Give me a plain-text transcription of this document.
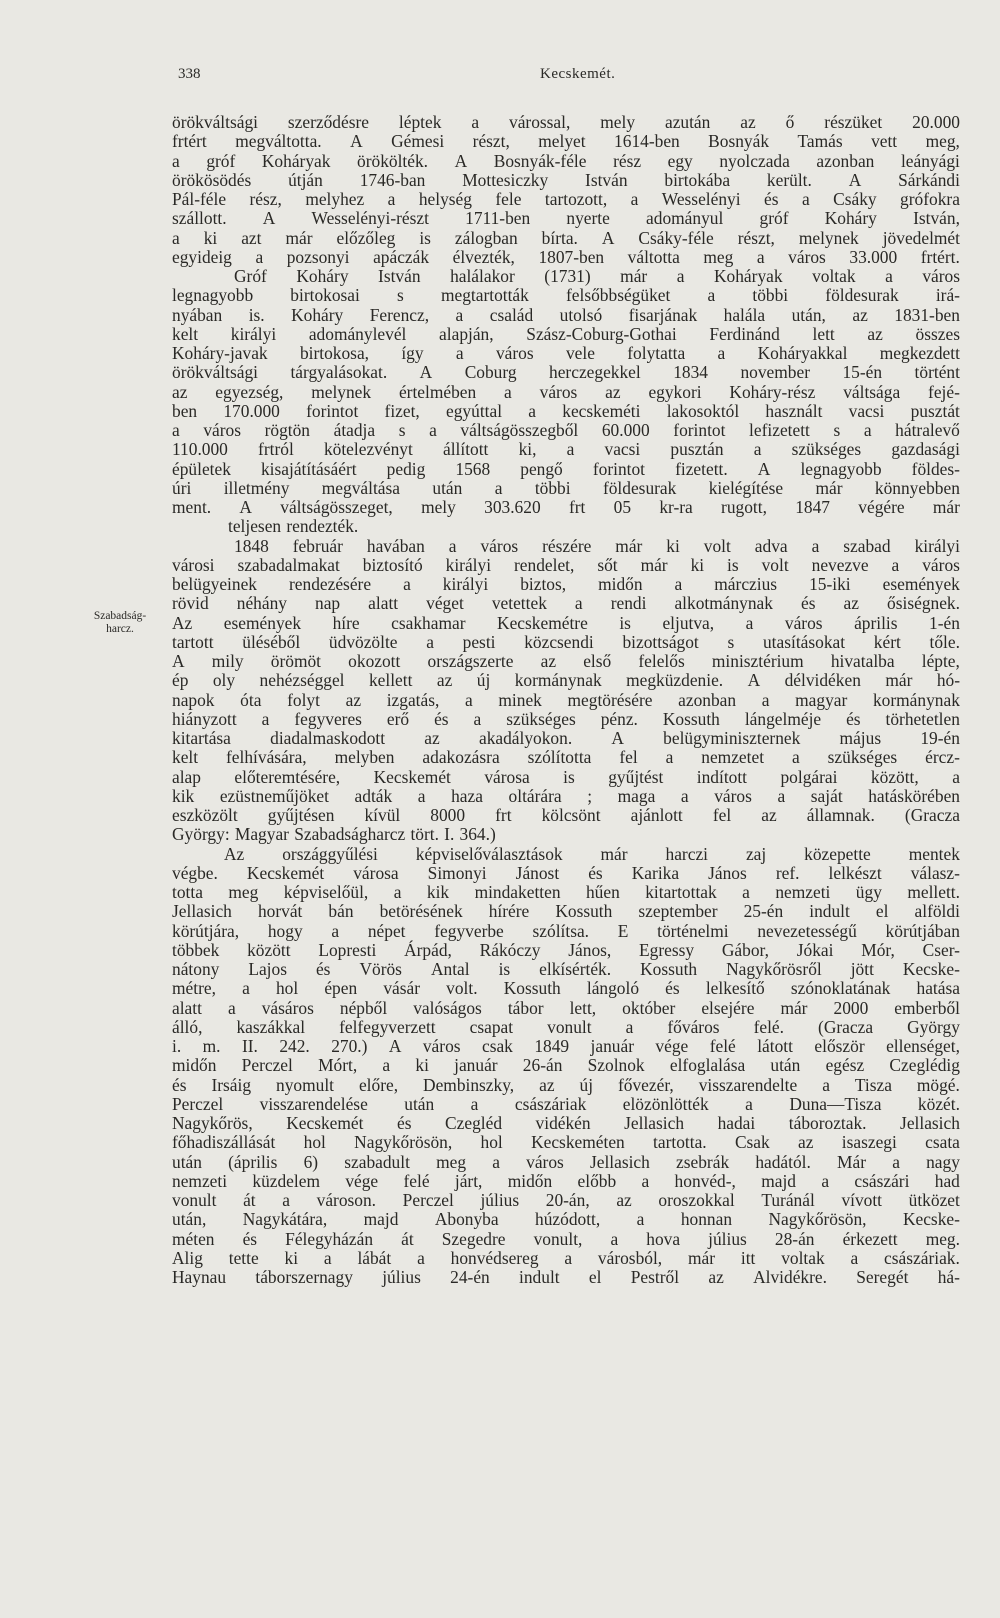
338	Kecskemét.
Szabadság-
harcz.
örökváltsági szerződésre léptek a várossal, mely azután az ő részüket 20.000
frtért megváltotta. A Gémesi részt, melyet 1614-ben Bosnyák Tamás vett meg,
a gróf Koháryak örökölték. A Bosnyák-féle rész egy nyolczada azonban leányági
örökösödés útján 1746-ban Mottesiczky István birtokába került. A Sárkándi
Pál-féle rész, melyhez a helység fele tartozott, a Wesselényi és a Csáky grófokra
szállott. A Wesselényi-részt 1711-ben nyerte adományul gróf Koháry István,
a ki azt már előzőleg is zálogban bírta. A Csáky-féle részt, melynek jövedelmét
egyideig a pozsonyi apáczák élvezték, 1807-ben váltotta meg a város 33.000 frtért.
Gróf Koháry István halálakor (1731) már a Koháryak voltak a város
legnagyobb birtokosai s megtartották felsőbbségüket a többi földesurak irá-
nyában is. Koháry Ferencz, a család utolsó fisarjának halála után, az 1831-ben
kelt királyi adománylevél alapján, Szász-Coburg-Gothai Ferdinánd lett az összes
Koháry-javak birtokosa, így a város vele folytatta a Koháryakkal megkezdett
örökváltsági tárgyalásokat. A Coburg herczegekkel 1834 november 15-én történt
az egyezség, melynek értelmében a város az egykori Koháry-rész váltsága fejé-
ben 170.000 forintot fizet, egyúttal a kecskeméti lakosoktól használt vacsi pusztát
a város rögtön átadja s a váltságösszegből 60.000 forintot lefizetett s a hátralevő
110.000 frtról kötelezvényt állított ki, a vacsi pusztán a szükséges gazdasági
épületek kisajátításáért pedig 1568 pengő forintot fizetett. A legnagyobb földes-
úri illetmény megváltása után a többi földesurak kielégítése már könnyebben
ment. A váltságösszeget, mely 303.620 frt 05 kr-ra rugott, 1847 végére már
teljesen rendezték.
1848 február havában a város részére már ki volt adva a szabad királyi
városi szabadalmakat biztosító királyi rendelet, sőt már ki is volt nevezve a város
belügyeinek rendezésére a királyi biztos, midőn a márczius 15-iki események
rövid néhány nap alatt véget vetettek a rendi alkotmánynak és az ősiségnek.
Az események híre csakhamar Kecskemétre is eljutva, a város április 1-én
tartott üléséből üdvözölte a pesti közcsendi bizottságot s utasításokat kért tőle.
A mily örömöt okozott országszerte az első felelős minisztérium hivatalba lépte,
ép oly nehézséggel kellett az új kormánynak megküzdenie. A délvidéken már hó-
napok óta folyt az izgatás, a minek megtörésére azonban a magyar kormánynak
hiányzott a fegyveres erő és a szükséges pénz. Kossuth lángelméje és törhetetlen
kitartása diadalmaskodott az akadályokon. A belügyminiszternek május 19-én
kelt felhívására, melyben adakozásra szólította fel a nemzetet a szükséges ércz-
alap előteremtésére, Kecskemét városa is gyűjtést indított polgárai között, a
kik ezüstneműjöket adták a haza oltárára ; maga a város a saját hatáskörében
eszközölt gyűjtésen kívül 8000 frt kölcsönt ajánlott fel az államnak. (Gracza
György: Magyar Szabadságharcz tört. I. 364.)
Az országgyűlési képviselőválasztások már harczi zaj közepette mentek
végbe. Kecskemét városa Simonyi Jánost és Karika János ref. lelkészt válasz-
totta meg képviselőül, a kik mindaketten hűen kitartottak a nemzeti ügy mellett.
Jellasich horvát bán betörésének hírére Kossuth szeptember 25-én indult el alföldi
körútjára, hogy a népet fegyverbe szólítsa. E történelmi nevezetességű körútjában
többek között Lopresti Árpád, Rákóczy János, Egressy Gábor, Jókai Mór, Cser-
nátony Lajos és Vörös Antal is elkísérték. Kossuth Nagykőrösről jött Kecske-
métre, a hol épen vásár volt. Kossuth lángoló és lelkesítő szónoklatának hatása
alatt a vásáros népből valóságos tábor lett, október elsejére már 2000 emberből
álló, kaszákkal felfegyverzett csapat vonult a főváros felé. (Gracza György
i. m. II. 242. 270.) A város csak 1849 január vége felé látott először ellenséget,
midőn Perczel Mórt, a ki január 26-án Szolnok elfoglalása után egész Czeglédig
és Irsáig nyomult előre, Dembinszky, az új fővezér, visszarendelte a Tisza mögé.
Perczel visszarendelése után a császáriak elözönlötték a Duna—Tisza közét.
Nagykőrös, Kecskemét és Czegléd vidékén Jellasich hadai táboroztak. Jellasich
főhadiszállását hol Nagykőrösön, hol Kecskeméten tartotta. Csak az isaszegi csata
után (április 6) szabadult meg a város Jellasich zsebrák hadától. Már a nagy
nemzeti küzdelem vége felé járt, midőn előbb a honvéd-, majd a császári had
vonult át a városon. Perczel július 20-án, az oroszokkal Turánál vívott ütközet
után, Nagykátára, majd Abonyba húzódott, a honnan Nagykőrösön, Kecske-
méten és Félegyházán át Szegedre vonult, a hova július 28-án érkezett meg.
Alig tette ki a lábát a honvédsereg a városból, már itt voltak a császáriak.
Haynau táborszernagy július 24-én indult el Pestről az Alvidékre. Seregét há-
